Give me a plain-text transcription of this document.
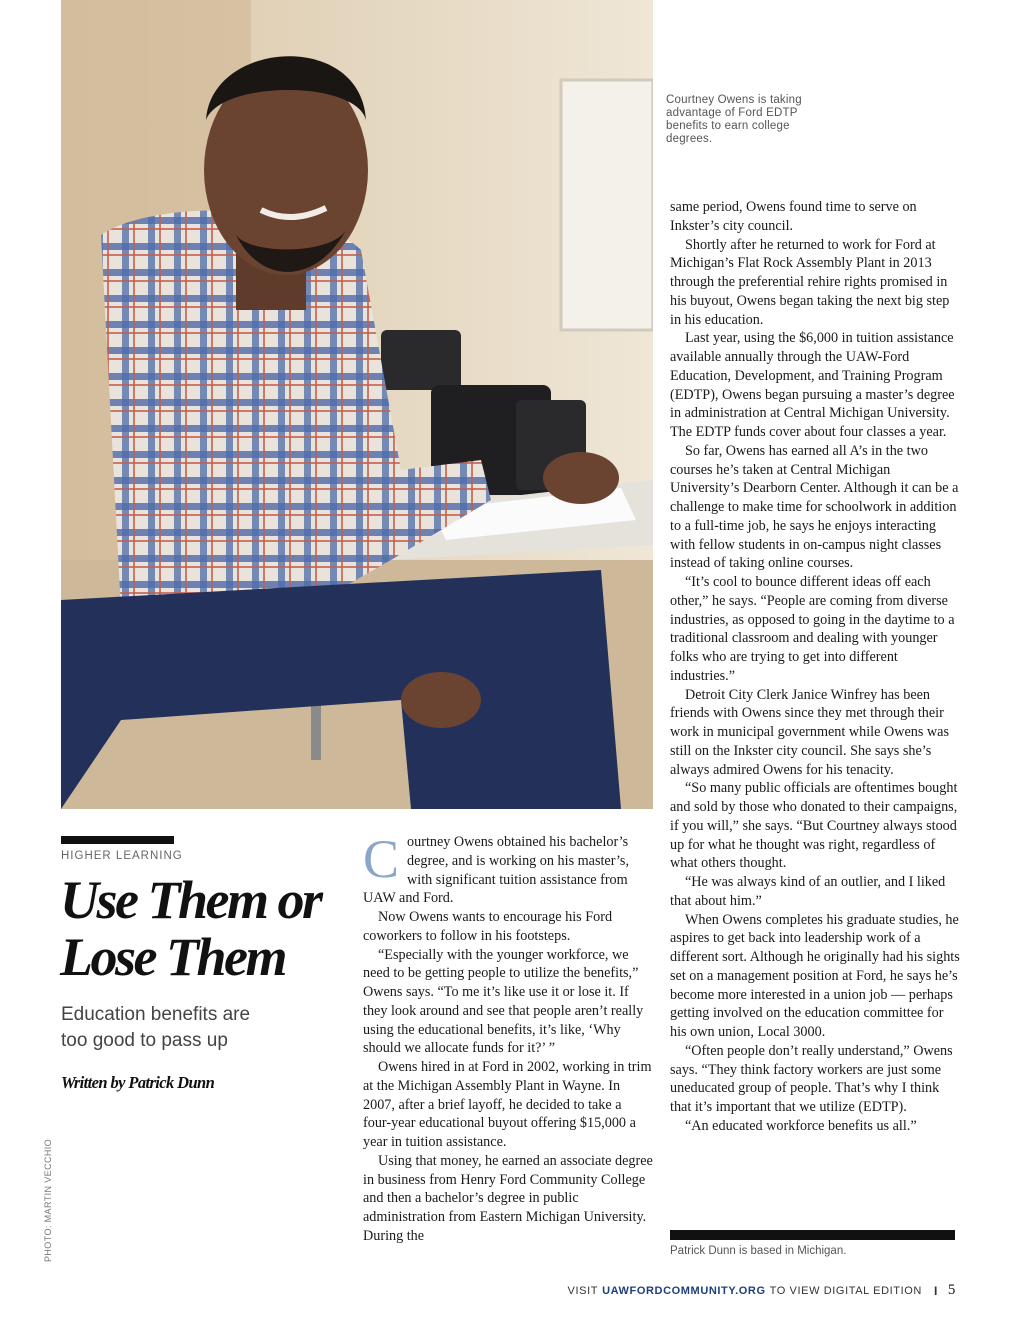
Courtney Owens is taking advantage of Ford EDTP benefits to earn college degrees.

same period, Owens found time to serve on Inkster’s city council.

Shortly after he returned to work for Ford at Michigan’s Flat Rock Assembly Plant in 2013 through the preferential rehire rights promised in his buyout, Owens began taking the next big step in his education.

Last year, using the $6,000 in tuition assistance available annually through the UAW-Ford Education, Development, and Training Program (EDTP), Owens began pursuing a master’s degree in administration at Central Michigan University. The EDTP funds cover about four classes a year.

So far, Owens has earned all A’s in the two courses he’s taken at Central Michigan University’s Dearborn Center. Although it can be a challenge to make time for schoolwork in addition to a full-time job, he says he enjoys interacting with fellow students in on-campus night classes instead of taking online courses.

“It’s cool to bounce different ideas off each other,” he says. “People are coming from diverse industries, as opposed to going in the daytime to a traditional classroom and dealing with younger folks who are trying to get into different industries.”

Detroit City Clerk Janice Winfrey has been friends with Owens since they met through their work in municipal government while Owens was still on the Inkster city council. She says she’s always admired Owens for his tenacity.

“So many public officials are oftentimes bought and sold by those who donated to their campaigns, if you will,” she says. “But Courtney always stood up for what he thought was right, regardless of what others thought.

“He was always kind of an outlier, and I liked that about him.”

When Owens completes his graduate studies, he aspires to get back into leadership work of a different sort. Although he originally had his sights set on a management position at Ford, he says he’s become more interested in a union job — perhaps getting involved on the education committee for his own union, Local 3000.

“Often people don’t really understand,” Owens says. “They think factory workers are just some uneducated group of people. That’s why I think that it’s important that we utilize (EDTP).

“An educated workforce benefits us all.”

Courtney Owens obtained his bachelor’s degree, and is working on his master’s, with significant tuition assistance from UAW and Ford.

Now Owens wants to encourage his Ford coworkers to follow in his footsteps.

“Especially with the younger workforce, we need to be getting people to utilize the benefits,” Owens says. “To me it’s like use it or lose it. If they look around and see that people aren’t really using the educational benefits, it’s like, ‘Why should we allocate funds for it?’ ”

Owens hired in at Ford in 2002, working in trim at the Michigan Assembly Plant in Wayne. In 2007, after a brief layoff, he decided to take a four-year educational buyout offering $15,000 a year in tuition assistance.

Using that money, he earned an associate degree in business from Henry Ford Community College and then a bachelor’s degree in public administration from Eastern Michigan University. During the

HIGHER LEARNING
Use Them or
Lose Them
Education benefits are
too good to pass up
Written by Patrick Dunn
PHOTO: MARTIN VECCHIO	Patrick Dunn is based in Michigan.
VISIT UAWFORDCOMMUNITY.ORG TO VIEW DIGITAL EDITION I 5
